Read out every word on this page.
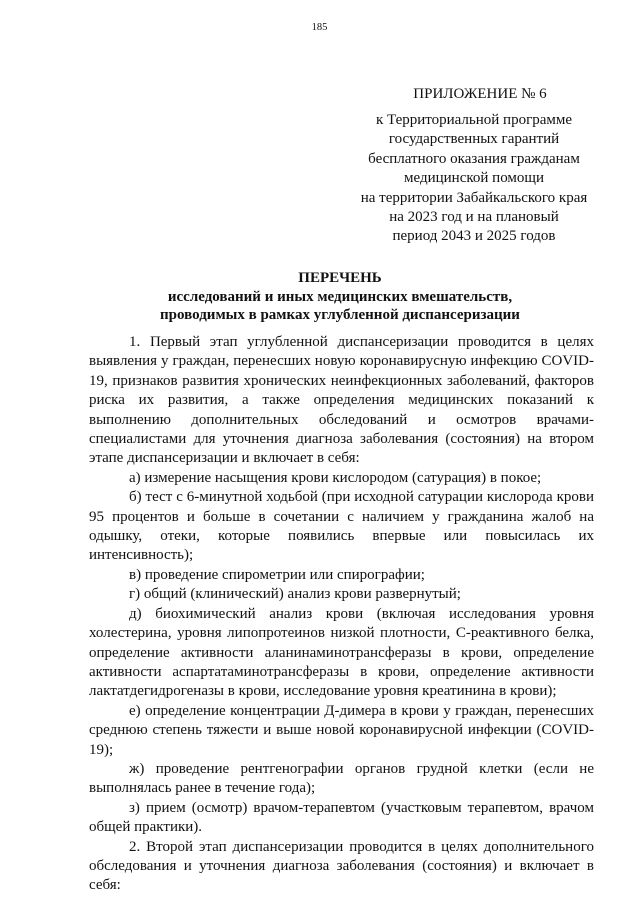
185
ПРИЛОЖЕНИЕ № 6
к Территориальной программе
государственных гарантий
бесплатного оказания гражданам
медицинской помощи
на территории Забайкальского края
на 2023 год и на плановый
период 2043 и 2025 годов
ПЕРЕЧЕНЬ
исследований и иных медицинских вмешательств,
проводимых в рамках углубленной диспансеризации

1. Первый этап углубленной диспансеризации проводится в целях выявления у граждан, перенесших новую коронавирусную инфекцию COVID-19, признаков развития хронических неинфекционных заболеваний, факторов риска их развития, а также определения медицинских показаний к выполнению дополнительных обследований и осмотров врачами-специалистами для уточнения диагноза заболевания (состояния) на втором этапе диспансеризации и включает в себя:

а) измерение насыщения крови кислородом (сатурация) в покое;

б) тест с 6-минутной ходьбой (при исходной сатурации кислорода крови 95 процентов и больше в сочетании с наличием у гражданина жалоб на одышку, отеки, которые появились впервые или повысилась их интенсивность);

в) проведение спирометрии или спирографии;

г) общий (клинический) анализ крови развернутый;

д) биохимический анализ крови (включая исследования уровня холестерина, уровня липопротеинов низкой плотности, С-реактивного белка, определение активности аланинаминотрансферазы в крови, определение активности аспартатаминотрансферазы в крови, определение активности лактатдегидрогеназы в крови, исследование уровня креатинина в крови);

е) определение концентрации Д-димера в крови у граждан, перенесших среднюю степень тяжести и выше новой коронавирусной инфекции (COVID-19);

ж) проведение рентгенографии органов грудной клетки (если не выполнялась ранее в течение года);

з) прием (осмотр) врачом-терапевтом (участковым терапевтом, врачом общей практики).

2. Второй этап диспансеризации проводится в целях дополнительного обследования и уточнения диагноза заболевания (состояния) и включает в себя:
